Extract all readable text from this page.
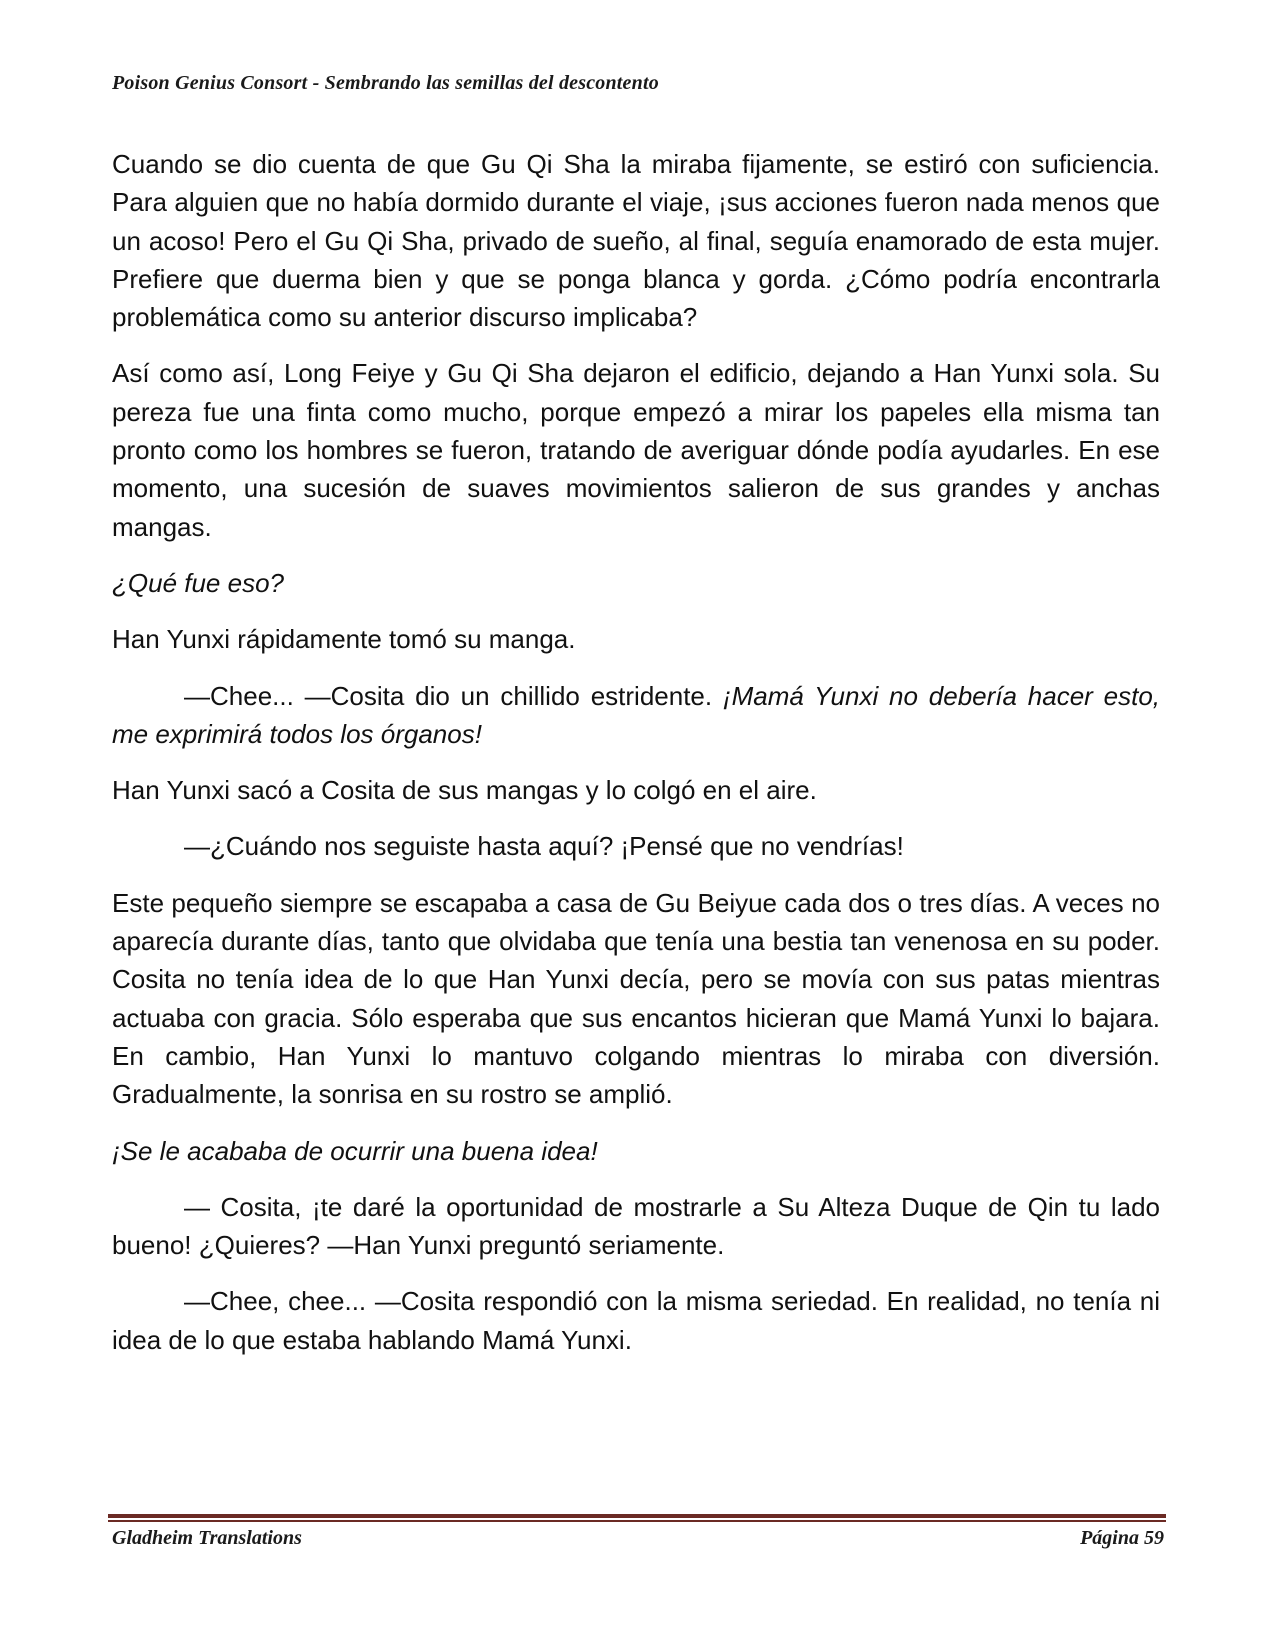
Poison Genius Consort - Sembrando las semillas del descontento

Cuando se dio cuenta de que Gu Qi Sha la miraba fijamente, se estiró con suficiencia. Para alguien que no había dormido durante el viaje, ¡sus acciones fueron nada menos que un acoso! Pero el Gu Qi Sha, privado de sueño, al final, seguía enamorado de esta mujer. Prefiere que duerma bien y que se ponga blanca y gorda. ¿Cómo podría encontrarla problemática como su anterior discurso implicaba?

Así como así, Long Feiye y Gu Qi Sha dejaron el edificio, dejando a Han Yunxi sola. Su pereza fue una finta como mucho, porque empezó a mirar los papeles ella misma tan pronto como los hombres se fueron, tratando de averiguar dónde podía ayudarles. En ese momento, una sucesión de suaves movimientos salieron de sus grandes y anchas mangas.

¿Qué fue eso?

Han Yunxi rápidamente tomó su manga.

—Chee... —Cosita dio un chillido estridente. ¡Mamá Yunxi no debería hacer esto, me exprimirá todos los órganos!

Han Yunxi sacó a Cosita de sus mangas y lo colgó en el aire.

—¿Cuándo nos seguiste hasta aquí? ¡Pensé que no vendrías!

Este pequeño siempre se escapaba a casa de Gu Beiyue cada dos o tres días. A veces no aparecía durante días, tanto que olvidaba que tenía una bestia tan venenosa en su poder. Cosita no tenía idea de lo que Han Yunxi decía, pero se movía con sus patas mientras actuaba con gracia. Sólo esperaba que sus encantos hicieran que Mamá Yunxi lo bajara. En cambio, Han Yunxi lo mantuvo colgando mientras lo miraba con diversión. Gradualmente, la sonrisa en su rostro se amplió.

¡Se le acababa de ocurrir una buena idea!

— Cosita, ¡te daré la oportunidad de mostrarle a Su Alteza Duque de Qin tu lado bueno! ¿Quieres? —Han Yunxi preguntó seriamente.

—Chee, chee... —Cosita respondió con la misma seriedad. En realidad, no tenía ni idea de lo que estaba hablando Mamá Yunxi.

Gladheim Translations	Página 59
